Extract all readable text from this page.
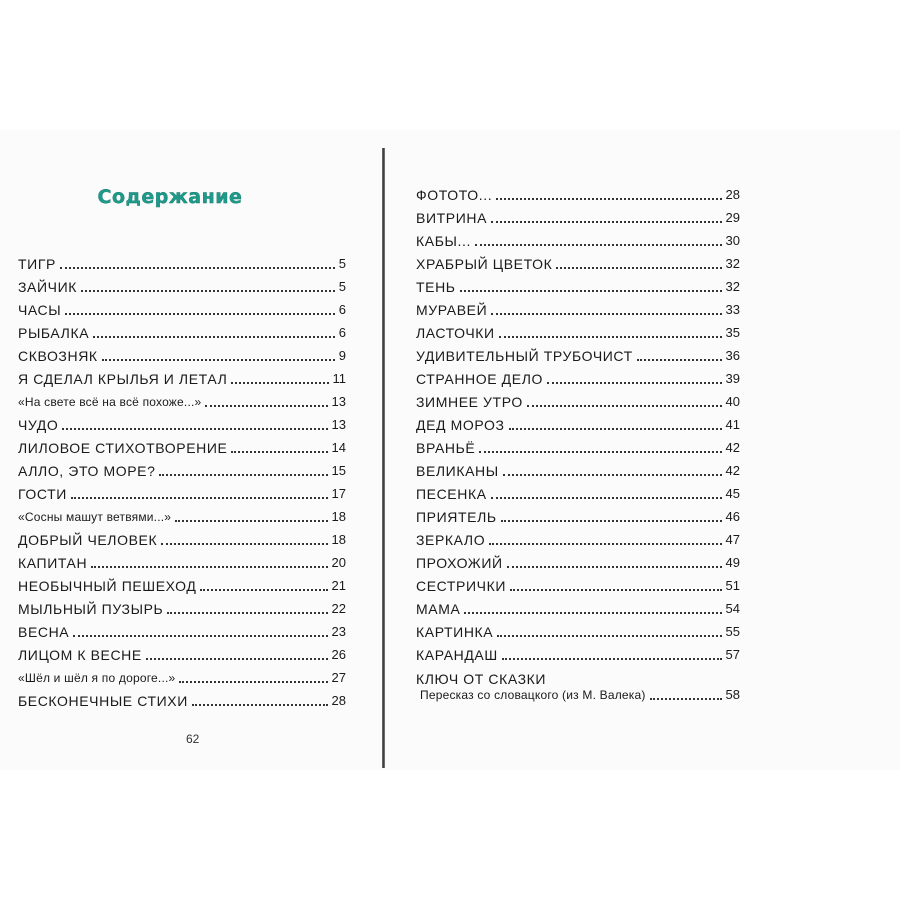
Содержание
ТИГР	5
ЗАЙЧИК	5
ЧАСЫ	6
РЫБАЛКА	6
СКВОЗНЯК	9
Я СДЕЛАЛ КРЫЛЬЯ И ЛЕТАЛ	11
«На свете всё на всё похоже...»	13
ЧУДО	13
ЛИЛОВОЕ СТИХОТВОРЕНИЕ	14
АЛЛО, ЭТО МОРЕ?	15
ГОСТИ	17
«Сосны машут ветвями...»	18
ДОБРЫЙ ЧЕЛОВЕК	18
КАПИТАН	20
НЕОБЫЧНЫЙ ПЕШЕХОД	21
МЫЛЬНЫЙ ПУЗЫРЬ	22
ВЕСНА	23
ЛИЦОМ К ВЕСНЕ	26
«Шёл и шёл я по дороге...»	27
БЕСКОНЕЧНЫЕ СТИХИ	28
ФОТОТО...	28
ВИТРИНА	29
КАБЫ...	30
ХРАБРЫЙ ЦВЕТОК	32
ТЕНЬ	32
МУРАВЕЙ	33
ЛАСТОЧКИ	35
УДИВИТЕЛЬНЫЙ ТРУБОЧИСТ	36
СТРАННОЕ ДЕЛО	39
ЗИМНЕЕ УТРО	40
ДЕД МОРОЗ	41
ВРАНЬЁ	42
ВЕЛИКАНЫ	42
ПЕСЕНКА	45
ПРИЯТЕЛЬ	46
ЗЕРКАЛО	47
ПРОХОЖИЙ	49
СЕСТРИЧКИ	51
МАМА	54
КАРТИНКА	55
КАРАНДАШ	57
КЛЮЧ ОТ СКАЗКИ
Пересказ со словацкого (из М. Валека)	58
62
